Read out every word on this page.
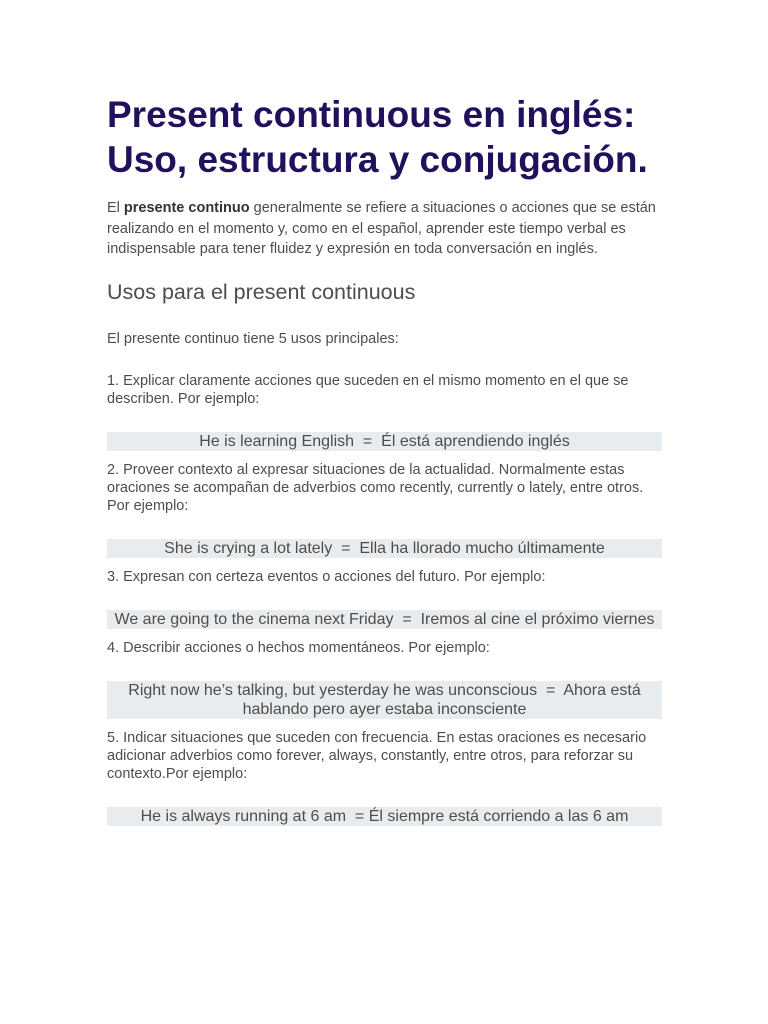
Present continuous en inglés:
Uso, estructura y conjugación.

El presente continuo generalmente se refiere a situaciones o acciones que se están realizando en el momento y, como en el español, aprender este tiempo verbal es indispensable para tener fluidez y expresión en toda conversación en inglés.

Usos para el present continuous

El presente continuo tiene 5 usos principales:

1. Explicar claramente acciones que suceden en el mismo momento en el que se describen. Por ejemplo:

He is learning English  =  Él está aprendiendo inglés

2. Proveer contexto al expresar situaciones de la actualidad. Normalmente estas oraciones se acompañan de adverbios como recently, currently o lately, entre otros. Por ejemplo:

She is crying a lot lately  =  Ella ha llorado mucho últimamente

3. Expresan con certeza eventos o acciones del futuro. Por ejemplo:

We are going to the cinema next Friday  =  Iremos al cine el próximo viernes

4. Describir acciones o hechos momentáneos. Por ejemplo:

Right now he’s talking, but yesterday he was unconscious  =  Ahora está hablando pero ayer estaba inconsciente

5. Indicar situaciones que suceden con frecuencia. En estas oraciones es necesario adicionar adverbios como forever, always, constantly, entre otros, para reforzar su contexto.Por ejemplo:

He is always running at 6 am  = Él siempre está corriendo a las 6 am
